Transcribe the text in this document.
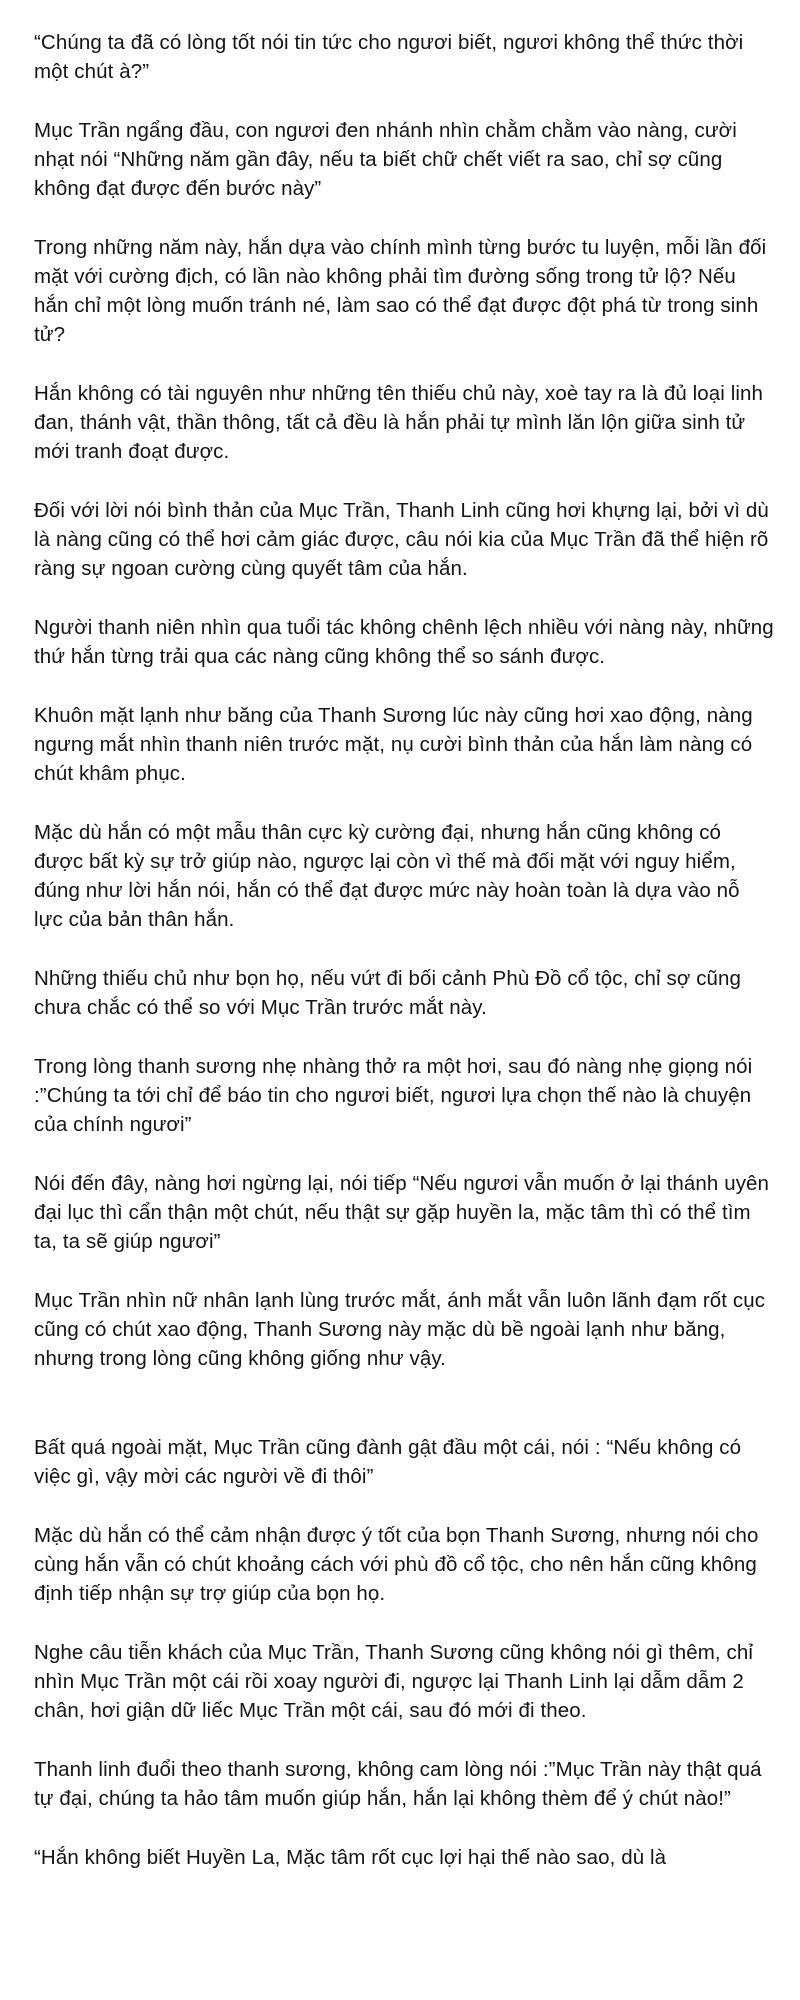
“Chúng ta đã có lòng tốt nói tin tức cho ngươi biết, ngươi không thể thức thời một chút à?”

Mục Trần ngẩng đầu, con ngươi đen nhánh nhìn chằm chằm vào nàng, cười nhạt nói “Những năm gần đây, nếu ta biết chữ chết viết ra sao, chỉ sợ cũng không đạt được đến bước này”

Trong những năm này, hắn dựa vào chính mình từng bước tu luyện, mỗi lần đối mặt với cường địch, có lần nào không phải tìm đường sống trong tử lộ? Nếu hắn chỉ một lòng muốn tránh né, làm sao có thể đạt được đột phá từ trong sinh tử?

Hắn không có tài nguyên như những tên thiếu chủ này, xoè tay ra là đủ loại linh đan, thánh vật, thần thông, tất cả đều là hắn phải tự mình lăn lộn giữa sinh tử mới tranh đoạt được.

Đối với lời nói bình thản của Mục Trần, Thanh Linh cũng hơi khựng lại, bởi vì dù là nàng cũng có thể hơi cảm giác được, câu nói kia của Mục Trần đã thể hiện rõ ràng sự ngoan cường cùng quyết tâm của hắn.

Người thanh niên nhìn qua tuổi tác không chênh lệch nhiều với nàng này, những thứ hắn từng trải qua các nàng cũng không thể so sánh được.

Khuôn mặt lạnh như băng của Thanh Sương lúc này cũng hơi xao động, nàng ngưng mắt nhìn thanh niên trước mặt, nụ cười bình thản của hắn làm nàng có chút khâm phục.

Mặc dù hắn có một mẫu thân cực kỳ cường đại, nhưng hắn cũng không có được bất kỳ sự trở giúp nào, ngược lại còn vì thế mà đối mặt với nguy hiểm, đúng như lời hắn nói, hắn có thể đạt được mức này hoàn toàn là dựa vào nỗ lực của bản thân hắn.

Những thiếu chủ như bọn họ, nếu vứt đi bối cảnh Phù Đồ cổ tộc, chỉ sợ cũng chưa chắc có thể so với Mục Trần trước mắt này.

Trong lòng thanh sương nhẹ nhàng thở ra một hơi, sau đó nàng nhẹ giọng nói :”Chúng ta tới chỉ để báo tin cho ngươi biết, ngươi lựa chọn thế nào là chuyện của chính ngươi”

Nói đến đây, nàng hơi ngừng lại, nói tiếp “Nếu ngươi vẫn muốn ở lại thánh uyên đại lục thì cẩn thận một chút, nếu thật sự gặp huyền la, mặc tâm thì có thể tìm ta, ta sẽ giúp ngươi”

Mục Trần nhìn nữ nhân lạnh lùng trước mắt, ánh mắt vẫn luôn lãnh đạm rốt cục cũng có chút xao động, Thanh Sương này mặc dù bề ngoài lạnh như băng, nhưng trong lòng cũng không giống như vậy.

Bất quá ngoài mặt, Mục Trần cũng đành gật đầu một cái, nói : “Nếu không có việc gì, vậy mời các người về đi thôi”

Mặc dù hắn có thể cảm nhận được ý tốt của bọn Thanh Sương, nhưng nói cho cùng hắn vẫn có chút khoảng cách với phù đồ cổ tộc, cho nên hắn cũng không định tiếp nhận sự trợ giúp của bọn họ.

Nghe câu tiễn khách của Mục Trần, Thanh Sương cũng không nói gì thêm, chỉ nhìn Mục Trần một cái rồi xoay người đi, ngược lại Thanh Linh lại dẫm dẫm 2 chân, hơi giận dữ liếc Mục Trần một cái, sau đó mới đi theo.

Thanh linh đuổi theo thanh sương, không cam lòng nói :”Mục Trần này thật quá tự đại, chúng ta hảo tâm muốn giúp hắn, hắn lại không thèm để ý chút nào!”

“Hắn không biết Huyền La, Mặc tâm rốt cục lợi hại thế nào sao, dù là
